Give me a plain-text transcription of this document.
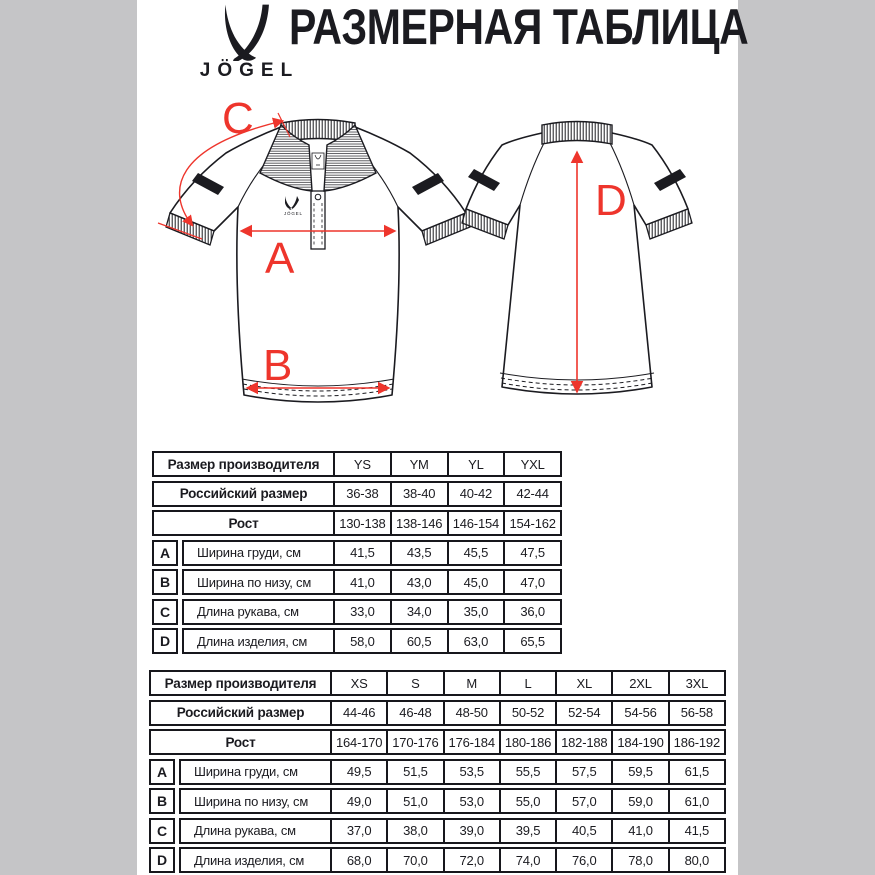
JÖGEL
РАЗМЕРНАЯ ТАБЛИЦА
JÖGEL
A
B
C
D
Размер производителя	YS	YM	YL	YXL
Российский размер	36-38	38-40	40-42	42-44
Рост	130-138 138-146 146-154 154-162
A	Ширина груди, см	41,5	43,5	45,5	47,5
B	Ширина по низу, см	41,0	43,0	45,0	47,0
C	Длина рукава, см	33,0	34,0	35,0	36,0
D	Длина изделия, см	58,0	60,5	63,0	65,5
Размер производителя	XS	S	M	L	XL	2XL	3XL
Российский размер	44-46	46-48	48-50	50-52	52-54	54-56	56-58
Рост	164-170 170-176 176-184 180-186 182-188 184-190 186-192
A	Ширина груди, см	49,5	51,5	53,5	55,5	57,5	59,5	61,5
B	Ширина по низу, см	49,0	51,0	53,0	55,0	57,0	59,0	61,0
C	Длина рукава, см	37,0	38,0	39,0	39,5	40,5	41,0	41,5
D	Длина изделия, см	68,0	70,0	72,0	74,0	76,0	78,0	80,0
